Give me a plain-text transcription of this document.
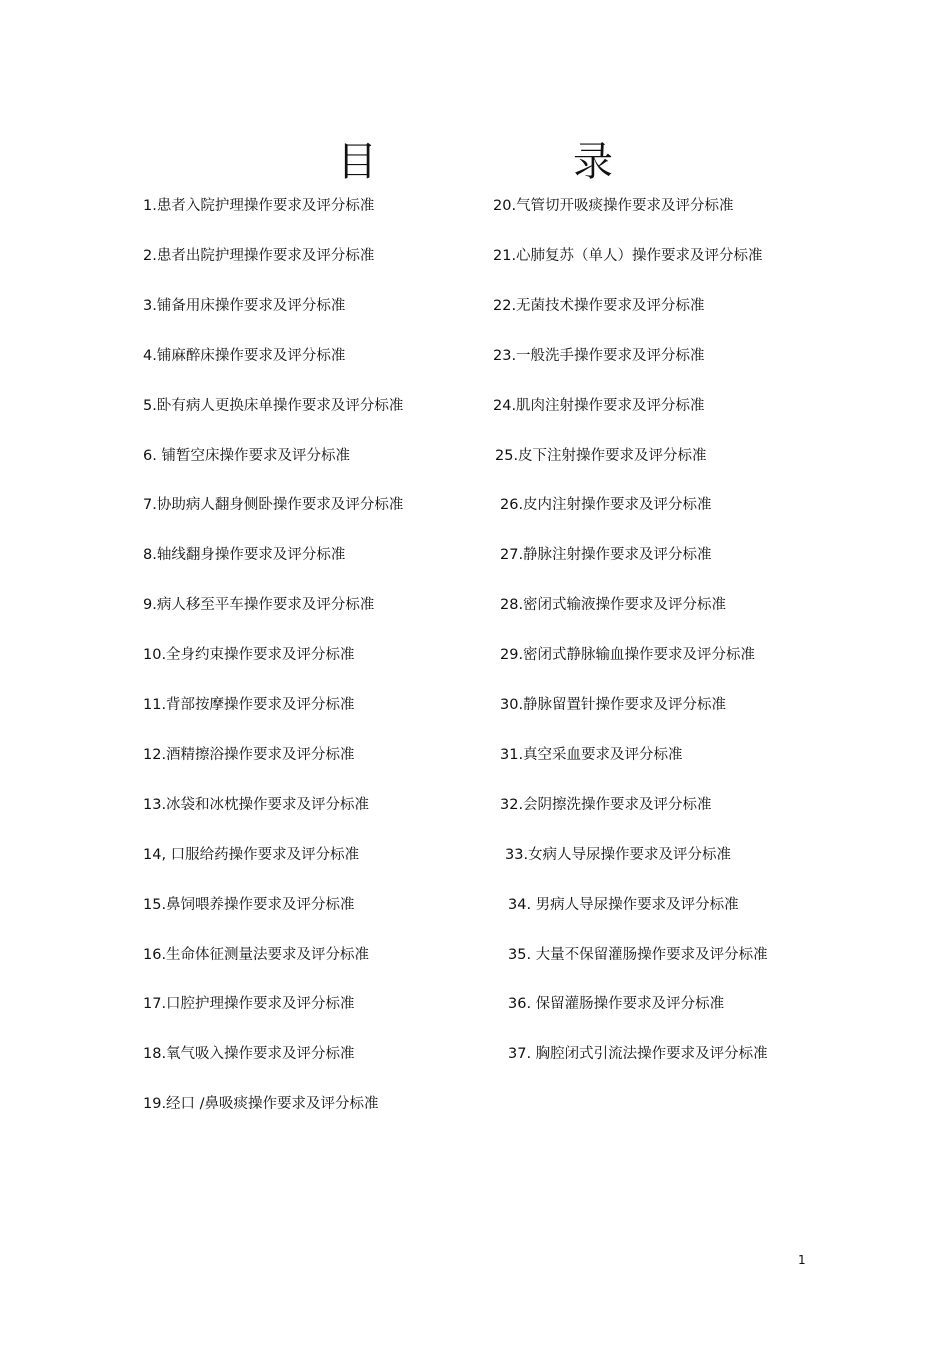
目　录
1.患者入院护理操作要求及评分标准
2.患者出院护理操作要求及评分标准
3.铺备用床操作要求及评分标准
4.铺麻醉床操作要求及评分标准
5.卧有病人更换床单操作要求及评分标准
6. 铺暂空床操作要求及评分标准
7.协助病人翻身侧卧操作要求及评分标准
8.轴线翻身操作要求及评分标准
9.病人移至平车操作要求及评分标准
10.全身约束操作要求及评分标准
11.背部按摩操作要求及评分标准
12.酒精擦浴操作要求及评分标准
13.冰袋和冰枕操作要求及评分标准
14, 口服给药操作要求及评分标准
15.鼻饲喂养操作要求及评分标准
16.生命体征测量法要求及评分标准
17.口腔护理操作要求及评分标准
18.氧气吸入操作要求及评分标准
19.经口 /鼻吸痰操作要求及评分标准
20.气管切开吸痰操作要求及评分标准
21.心肺复苏（单人）操作要求及评分标准
22.无菌技术操作要求及评分标准
23.一般洗手操作要求及评分标准
24.肌肉注射操作要求及评分标准
25.皮下注射操作要求及评分标准
26.皮内注射操作要求及评分标准
27.静脉注射操作要求及评分标准
28.密闭式输液操作要求及评分标准
29.密闭式静脉输血操作要求及评分标准
30.静脉留置针操作要求及评分标准
31.真空采血要求及评分标准
32.会阴擦洗操作要求及评分标准
33.女病人导尿操作要求及评分标准
34. 男病人导尿操作要求及评分标准
35. 大量不保留灌肠操作要求及评分标准
36. 保留灌肠操作要求及评分标准
37. 胸腔闭式引流法操作要求及评分标准
1
